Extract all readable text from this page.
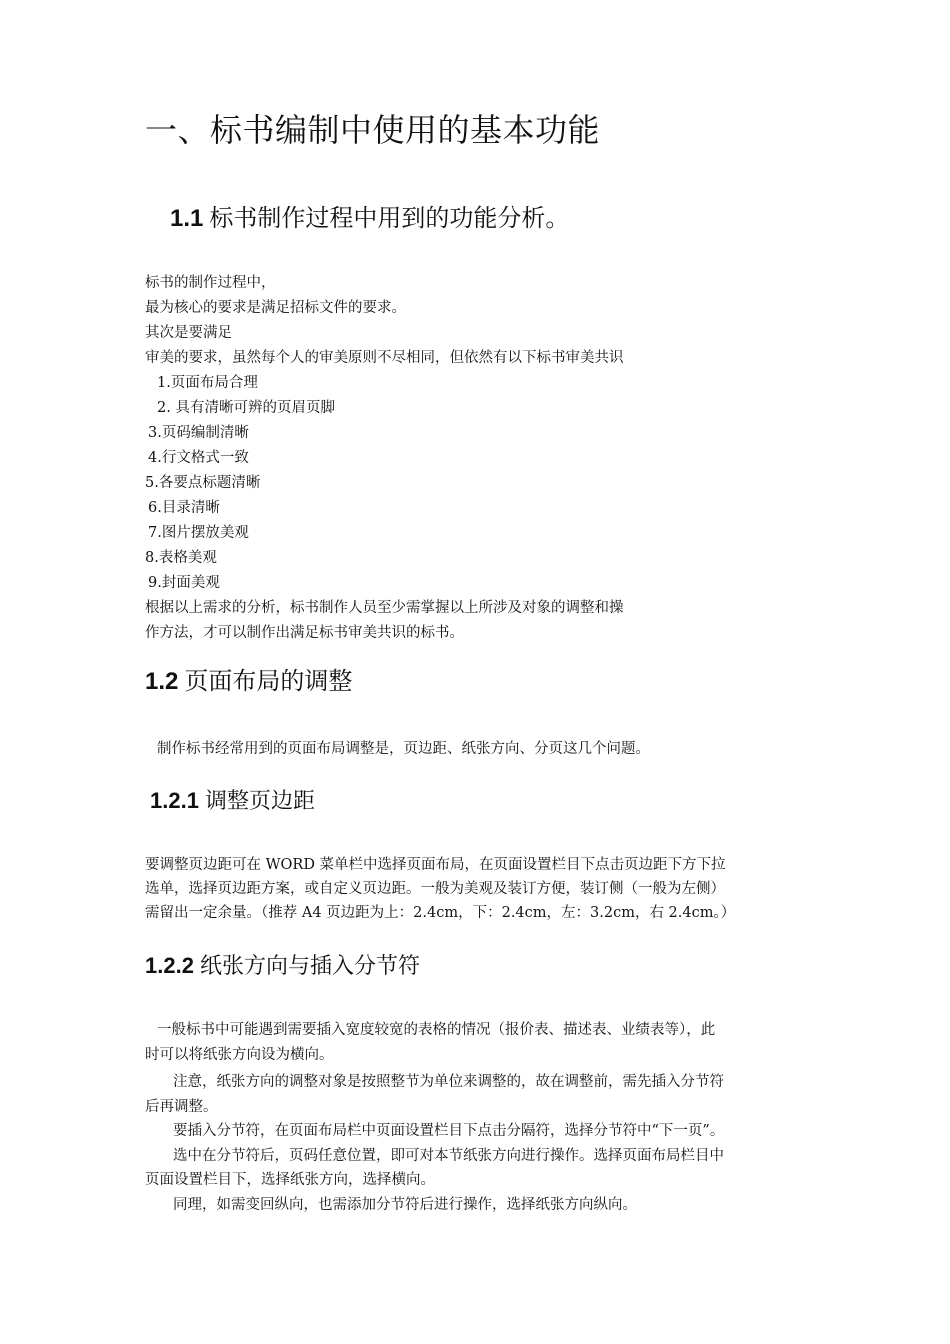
一、标书编制中使用的基本功能
1.1 标书制作过程中用到的功能分析。
标书的制作过程中，
最为核心的要求是满足招标文件的要求。
其次是要满足
审美的要求，虽然每个人的审美原则不尽相同，但依然有以下标书审美共识
1.页面布局合理
2. 具有清晰可辨的页眉页脚
3.页码编制清晰
4.行文格式一致
5.各要点标题清晰
6.目录清晰
7.图片摆放美观
8.表格美观
9.封面美观
根据以上需求的分析，标书制作人员至少需掌握以上所涉及对象的调整和操
作方法，才可以制作出满足标书审美共识的标书。
1.2 页面布局的调整
制作标书经常用到的页面布局调整是，页边距、纸张方向、分页这几个问题。
1.2.1 调整页边距
要调整页边距可在 WORD 菜单栏中选择页面布局，在页面设置栏目下点击页边距下方下拉
选单，选择页边距方案，或自定义页边距。一般为美观及装订方便，装订侧（一般为左侧）
需留出一定余量。（推荐 A4 页边距为上：2.4cm，下：2.4cm，左：3.2cm，右 2.4cm。）
1.2.2 纸张方向与插入分节符
一般标书中可能遇到需要插入宽度较宽的表格的情况（报价表、描述表、业绩表等），此
时可以将纸张方向设为横向。
注意，纸张方向的调整对象是按照整节为单位来调整的，故在调整前，需先插入分节符
后再调整。
要插入分节符，在页面布局栏中页面设置栏目下点击分隔符，选择分节符中“下一页”。
选中在分节符后，页码任意位置，即可对本节纸张方向进行操作。选择页面布局栏目中
页面设置栏目下，选择纸张方向，选择横向。
同理，如需变回纵向，也需添加分节符后进行操作，选择纸张方向纵向。
